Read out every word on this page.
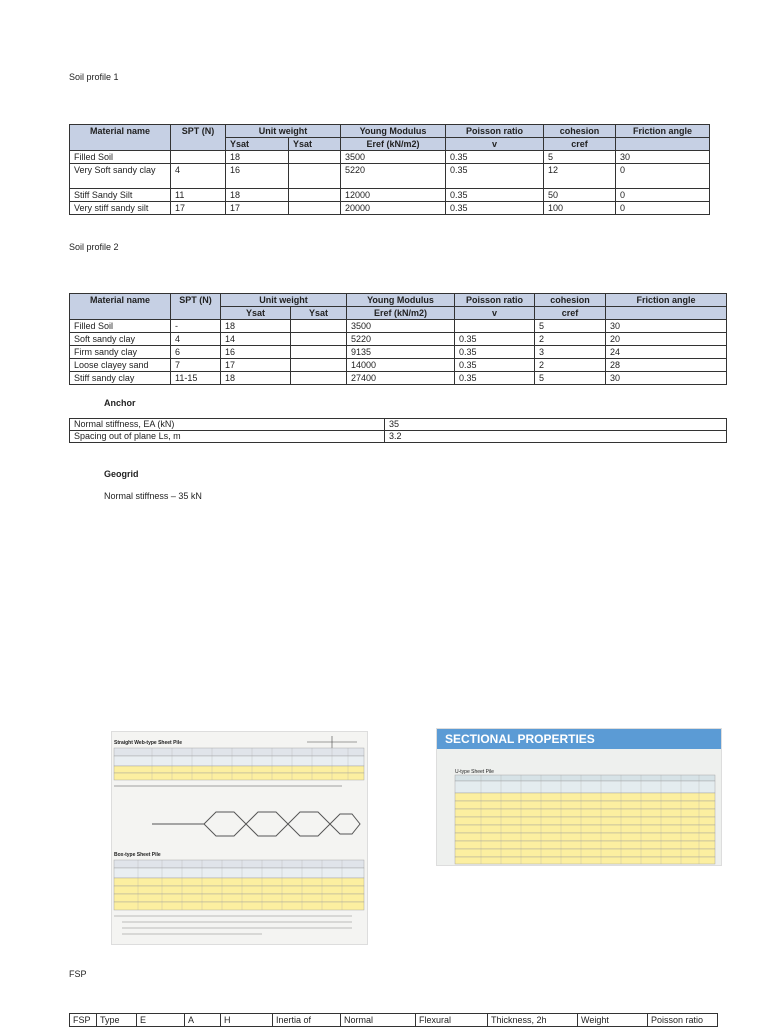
Soil profile 1
Material name	SPT (N)	Unit weight		Young Modulus	Poisson ratio	cohesion	Friction angle
		Ysat	Ysat	Eref (kN/m2)	v	cref	
Filled Soil		18		3500	0.35	5	30
Very Soft sandy clay	4	16		5220	0.35	12	0
Stiff Sandy Silt	11	18		12000	0.35	50	0
Very stiff sandy silt	17	17		20000	0.35	100	0
Soil profile 2
Material name	SPT (N)	Unit weight		Young Modulus	Poisson ratio	cohesion	Friction angle
		Ysat	Ysat	Eref (kN/m2)	v	cref	
Filled Soil	-	18		3500		5	30
Soft sandy clay	4	14		5220	0.35	2	20
Firm sandy clay	6	16		9135	0.35	3	24
Loose clayey sand	7	17		14000	0.35	2	28
Stiff sandy clay	11-15	18		27400	0.35	5	30
Anchor
Normal stiffness, EA (kN)	35
Spacing out of plane Ls, m	3.2
Geogrid
Normal stiffness – 35 kN
Straight Web-type Sheet Pile
Box-type Sheet Pile
SECTIONAL PROPERTIES
U-type Sheet Pile
FSP
FSP	Type	E	A	H	Inertia of	Normal	Flexural	Thickness, 2h	Weight	Poisson ratio
